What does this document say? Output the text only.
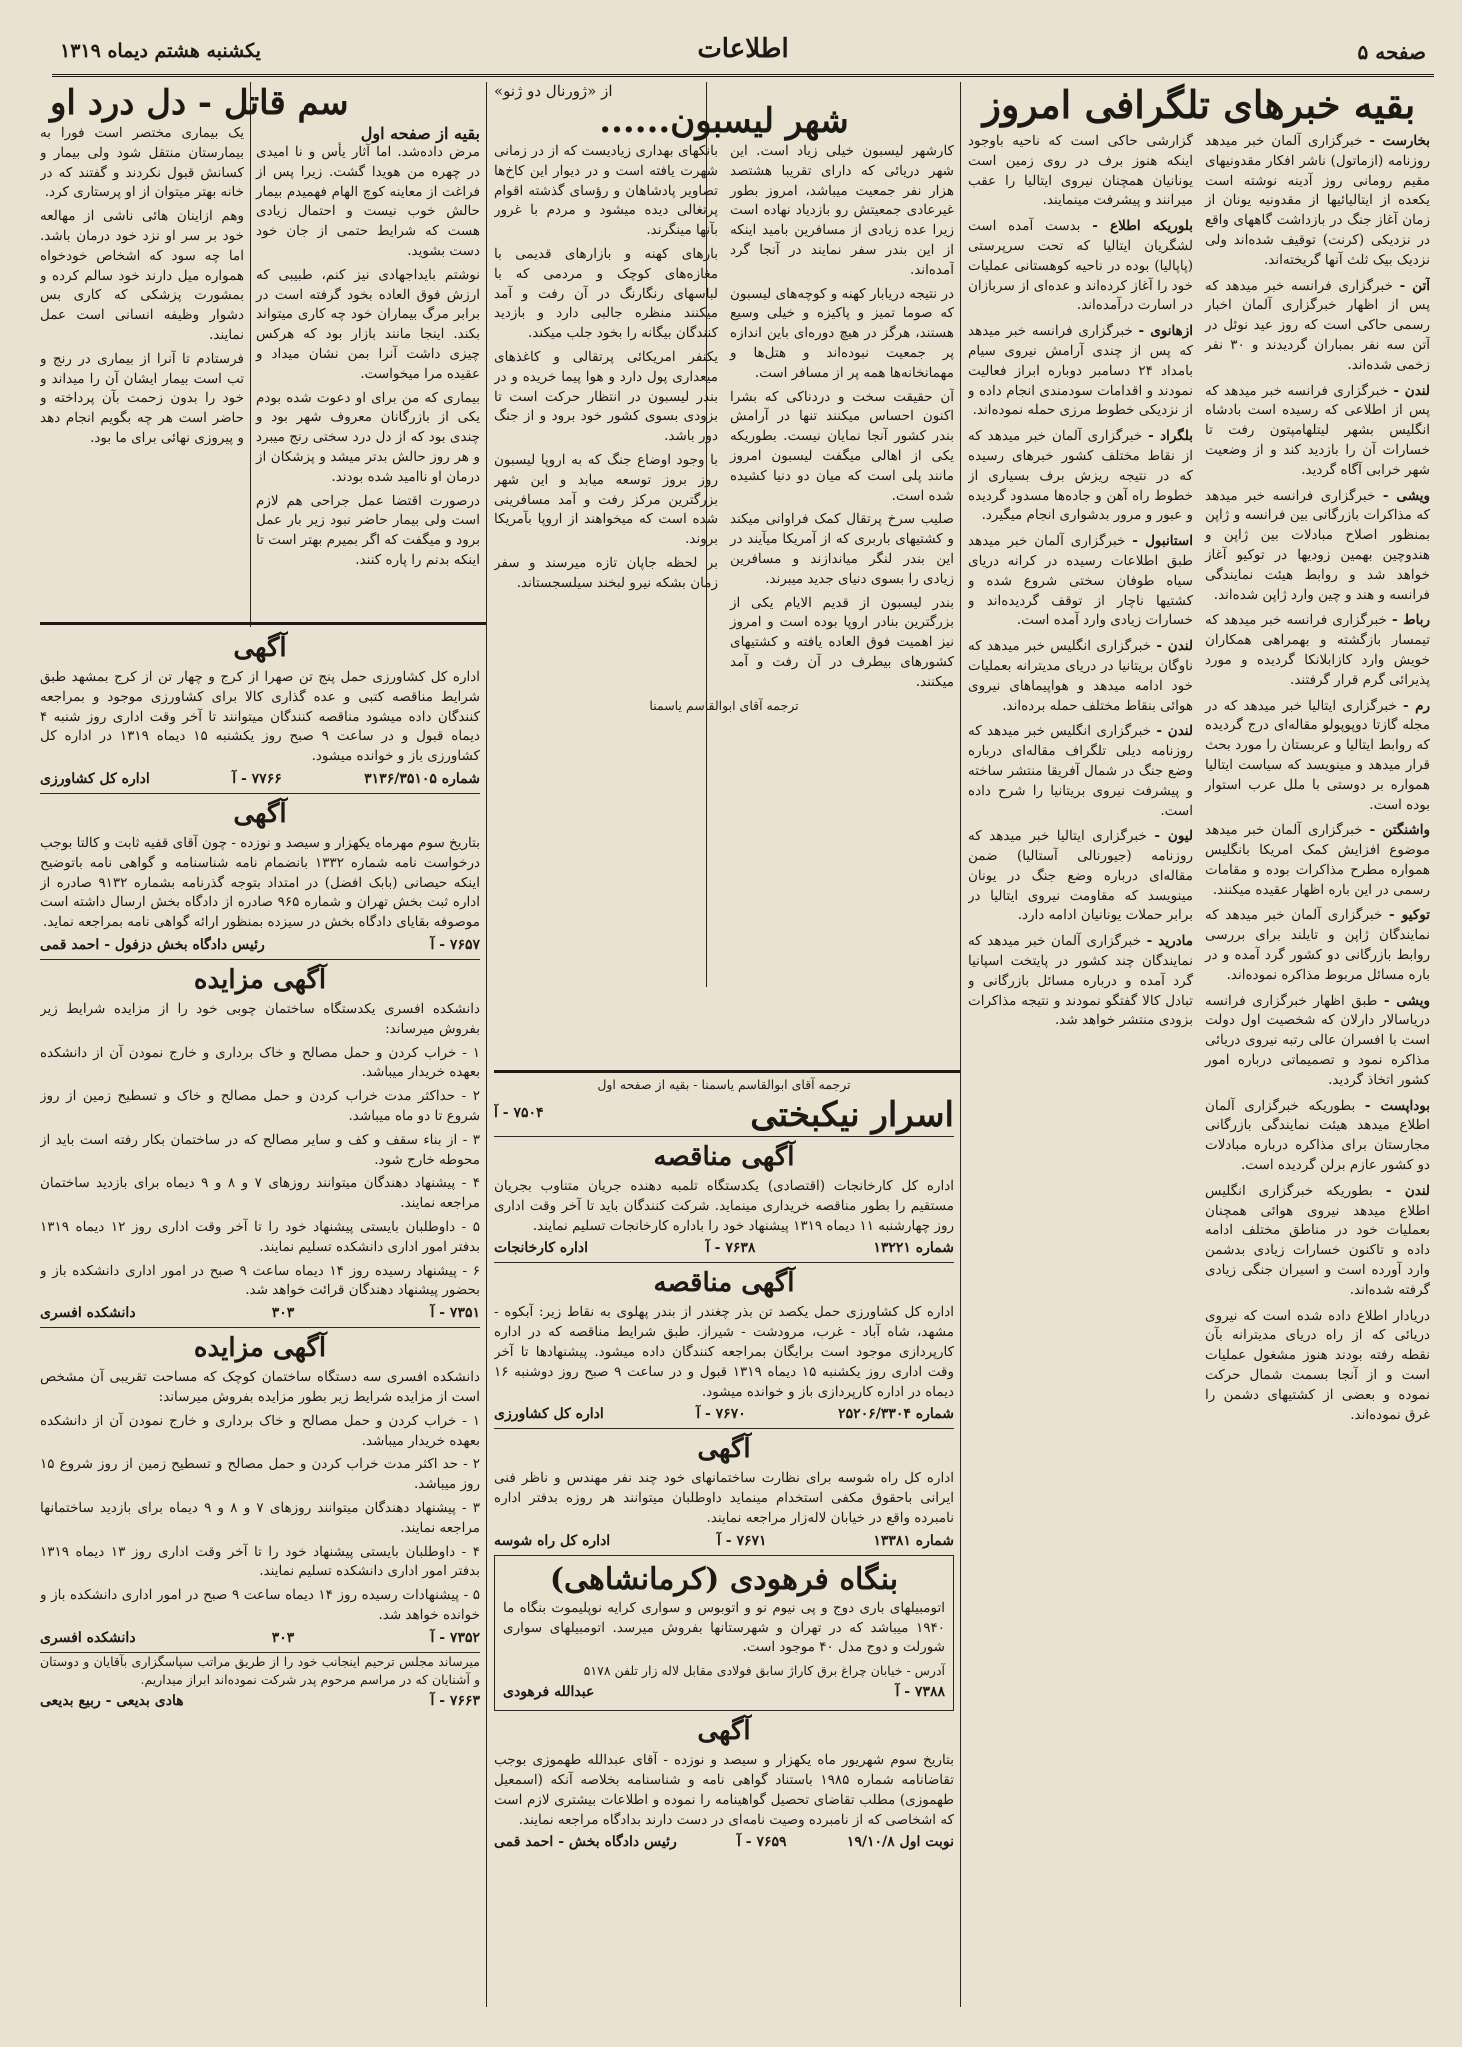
صفحه ۵
اطلاعات
یکشنبه هشتم دیماه ۱۳۱۹
بقیه خبرهای تلگرافی امروز

بخارست - خبرگزاری آلمان خبر میدهد روزنامه (ازماتول) ناشر افکار مقدونیهای مقیم رومانی روز آدینه نوشته است یکعده از ایتالیائیها از مقدونیه یونان از زمان آغاز جنگ در بازداشت گاههای واقع در نزدیکی (کرنت) توقیف شده‌اند ولی نزدیک بیک ثلث آنها گریخته‌اند.

آتن - خبرگزاری فرانسه خبر میدهد که پس از اظهار خبرگزاری آلمان اخبار رسمی حاکی است که روز عید نوئل در آتن سه نفر بمباران گردیدند و ۳۰ نفر زخمی شده‌اند.

لندن - خبرگزاری فرانسه خبر میدهد که پس از اطلاعی که رسیده است بادشاه انگلیس بشهر لیتلهامپتون رفت تا خسارات آن را بازدید کند و از وضعیت شهر خرابی آگاه گردید.

ویشی - خبرگزاری فرانسه خبر میدهد که مذاکرات بازرگانی بین فرانسه و ژاپن بمنظور اصلاح مبادلات بین ژاپن و هندوچین بهمین زودیها در توکیو آغاز خواهد شد و روابط هیئت نمایندگی فرانسه و هند و چین وارد ژاپن شده‌اند.

رباط - خبرگزاری فرانسه خبر میدهد که تیمسار بازگشته و بهمراهی همکاران خویش وارد کازابلانکا گردیده و مورد پذیرائی گرم قرار گرفتند.

رم - خبرگزاری ایتالیا خبر میدهد که در مجله گازتا دوپوپولو مقاله‌ای درج گردیده که روابط ایتالیا و عربستان را مورد بحث قرار میدهد و مینویسد که سیاست ایتالیا همواره بر دوستی با ملل عرب استوار بوده است.

واشنگتن - خبرگزاری آلمان خبر میدهد موضوع افزایش کمک امریکا بانگلیس همواره مطرح مذاکرات بوده و مقامات رسمی در این باره اظهار عقیده میکنند.

توکیو - خبرگزاری آلمان خبر میدهد که نمایندگان ژاپن و تایلند برای بررسی روابط بازرگانی دو کشور گرد آمده و در باره مسائل مربوط مذاکره نموده‌اند.

ویشی - طبق اظهار خبرگزاری فرانسه دریاسالار دارلان که شخصیت اول دولت است با افسران عالی رتبه نیروی دریائی مذاکره نمود و تصمیماتی درباره امور کشور اتخاذ گردید.

بوداپست - بطوریکه خبرگزاری آلمان اطلاع میدهد هیئت نمایندگی بازرگانی مجارستان برای مذاکره درباره مبادلات دو کشور عازم برلن گردیده است.

لندن - بطوریکه خبرگزاری انگلیس اطلاع میدهد نیروی هوائی همچنان بعملیات خود در مناطق مختلف ادامه داده و تاکنون خسارات زیادی بدشمن وارد آورده است و اسیران جنگی زیادی گرفته شده‌اند.

دریادار اطلاع داده شده است که نیروی دریائی که از راه دریای مدیترانه بآن نقطه رفته بودند هنوز مشغول عملیات است و از آنجا بسمت شمال حرکت نموده و بعضی از کشتیهای دشمن را غرق نموده‌اند.

گزارشی حاکی است که ناحیه باوجود اینکه هنوز برف در روی زمین است یونانیان همچنان نیروی ایتالیا را عقب میرانند و پیشرفت مینمایند.

بلوریکه اطلاع - بدست آمده است لشگریان ایتالیا که تحت سرپرستی (پاپالیا) بوده در ناحیه کوهستانی عملیات خود را آغاز کرده‌اند و عده‌ای از سربازان در اسارت درآمده‌اند.

ازهانوی - خبرگزاری فرانسه خبر میدهد که پس از چندی آرامش نیروی سیام بامداد ۲۴ دسامبر دوباره ابراز فعالیت نمودند و اقدامات سودمندی انجام داده و از نزدیکی خطوط مرزی حمله نموده‌اند.

بلگراد - خبرگزاری آلمان خبر میدهد که از نقاط مختلف کشور خبرهای رسیده که در نتیجه ریزش برف بسیاری از خطوط راه آهن و جاده‌ها مسدود گردیده و عبور و مرور بدشواری انجام میگیرد.

استانبول - خبرگزاری آلمان خبر میدهد طبق اطلاعات رسیده در کرانه دریای سیاه طوفان سختی شروع شده و کشتیها ناچار از توقف گردیده‌اند و خسارات زیادی وارد آمده است.

لندن - خبرگزاری انگلیس خبر میدهد که ناوگان بریتانیا در دریای مدیترانه بعملیات خود ادامه میدهد و هواپیماهای نیروی هوائی بنقاط مختلف حمله برده‌اند.

لندن - خبرگزاری انگلیس خبر میدهد که روزنامه دیلی تلگراف مقاله‌ای درباره وضع جنگ در شمال آفریقا منتشر ساخته و پیشرفت نیروی بریتانیا را شرح داده است.

لیون - خبرگزاری ایتالیا خبر میدهد که روزنامه (جیورنالی آستالیا) ضمن مقاله‌ای درباره وضع جنگ در یونان مینویسد که مقاومت نیروی ایتالیا در برابر حملات یونانیان ادامه دارد.

مادرید - خبرگزاری آلمان خبر میدهد که نمایندگان چند کشور در پایتخت اسپانیا گرد آمده و درباره مسائل بازرگانی و تبادل کالا گفتگو نمودند و نتیجه مذاکرات بزودی منتشر خواهد شد.

از «ژورنال دو ژنو»
شهر لیسبون......

کارشهر لیسبون خیلی زیاد است. این شهر دریائی که دارای تقریبا هشتصد هزار نفر جمعیت میباشد، امروز بطور غیرعادی جمعیتش رو بازدیاد نهاده است زیرا عده زیادی از مسافرین بامید اینکه از این بندر سفر نمایند در آنجا گرد آمده‌اند.

در نتیجه دریابار کهنه و کوچه‌های لیسبون که صوما تمیز و پاکیزه و خیلی وسیع هستند، هرگز در هیچ دوره‌ای باین اندازه پر جمعیت نبوده‌اند و هتل‌ها و مهمانخانه‌ها همه پر از مسافر است.

آن حقیقت سخت و دردناکی که بشرا اکنون احساس میکنند تنها در آرامش بندر کشور آنجا نمایان نیست. بطوریکه یکی از اهالی میگفت لیسبون امروز مانند پلی است که میان دو دنیا کشیده شده است.

صلیب سرخ پرتقال کمک فراوانی میکند و کشتیهای باربری که از آمریکا میآیند در این بندر لنگر میاندازند و مسافرین زیادی را بسوی دنیای جدید میبرند.

بندر لیسبون از قدیم الایام یکی از بزرگترین بنادر اروپا بوده است و امروز نیز اهمیت فوق العاده یافته و کشتیهای کشورهای بیطرف در آن رفت و آمد میکنند.

بانکهای بهداری زیادیست که از در زمانی شهرت یافته است و در دیوار این کاخ‌ها تصاویر پادشاهان و رؤسای گذشته اقوام پرتغالی دیده میشود و مردم با غرور بآنها مینگرند.

بارهای کهنه و بازارهای قدیمی با مغازه‌های کوچک و مردمی که با لباسهای رنگارنگ در آن رفت و آمد میکنند منظره جالبی دارد و بازدید کنندگان بیگانه را بخود جلب میکند.

یکنفر امریکائی پرتقالی و کاغذهای میعداری پول دارد و هوا پیما خریده و در بندر لیسبون در انتظار حرکت است تا بزودی بسوی کشور خود برود و از جنگ دور باشد.

با وجود اوضاع جنگ که به اروپا لیسبون روز بروز توسعه میابد و این شهر بزرگترین مرکز رفت و آمد مسافرینی شده است که میخواهند از اروپا بآمریکا بروند.

بر لحظه جاپان تازه میرسند و سفر زمان بشکه نیرو لبخند سیلسجستاند.

ترجمه آقای ابوالقاسم یاسمنا

سم قاتل - دل درد او
بقیه از صفحه اول

مرض داده‌شد. اما آثار یأس و نا امیدی در چهره من هویدا گشت. زیرا پس از فراغت از معاینه کوچ الهام فهمیدم بیمار حالش خوب نیست و احتمال زیادی هست که شرایط حتمی از جان خود دست بشوید.

نوشتم بایداجهادی نیز کنم، طبیبی که ارزش فوق العاده بخود گرفته است در برابر مرگ بیماران خود چه کاری میتواند بکند. اینجا مانند بازار بود که هرکس چیزی داشت آنرا بمن نشان میداد و عقیده مرا میخواست.

بیماری که من برای او دعوت شده بودم یکی از بازرگانان معروف شهر بود و چندی بود که از دل درد سختی رنج میبرد و هر روز حالش بدتر میشد و پزشکان از درمان او ناامید شده بودند.

درصورت اقتضا عمل جراحی هم لازم است ولی بیمار حاضر نبود زیر بار عمل برود و میگفت که اگر بمیرم بهتر است تا اینکه بدنم را پاره کنند.

یک بیماری مختصر است فورا به بیمارستان منتقل شود ولی بیمار و کسانش قبول نکردند و گفتند که در خانه بهتر میتوان از او پرستاری کرد.

وهم ازاینان هائی ناشی از مهالعه خود بر سر او نزد خود درمان باشد. اما چه سود که اشخاص خودخواه همواره میل دارند خود سالم کرده و بمشورت پزشکی که کاری بس دشوار وظیفه انسانی است عمل نمایند.

فرستادم تا آنرا از بیماری در رنج و تب است بیمار ایشان آن را میداند و خود را بدون زحمت بآن پرداخته و حاضر است هر چه بگویم انجام دهد و پیروزی نهائی برای ما بود.

آگهی

اداره کل کشاورزی حمل پنج تن صهرا از کرج و چهار تن از کرج بمشهد طبق شرایط مناقصه کتبی و عده گذاری کالا برای کشاورزی موجود و بمراجعه کنندگان داده میشود مناقصه کنندگان میتوانند تا آخر وقت اداری روز شنبه ۴ دیماه قبول و در ساعت ۹ صبح روز یکشنبه ۱۵ دیماه ۱۳۱۹ در اداره کل کشاورزی باز و خوانده میشود.

شماره ۳۱۳۶/۳۵۱۰۵
۷۷۶۶ - آ
اداره کل کشاورزی
آگهی

بتاریخ سوم مهرماه یکهزار و سیصد و نوزده - چون آقای قفیه ثابت و کالتا بوجب درخواست نامه شماره ۱۳۳۲ بانضمام نامه شناسنامه و گواهی نامه باتوضیح اینکه حیصانی (بابک افضل) در امتداد بتوجه گذرنامه بشماره ۹۱۳۲ صادره از اداره ثبت بخش تهران و شماره ۹۶۵ صادره از دادگاه بخش ارسال داشته است موصوفه بقایای دادگاه بخش در سیزده بمنظور ارائه گواهی نامه بمراجعه نماید.

۷۶۵۷ - آ
رئیس دادگاه بخش دزفول - احمد قمی
آگهی مزایده

دانشکده افسری یکدستگاه ساختمان چوبی خود را از مزایده شرایط زیر بفروش میرساند:

۱ - خراب کردن و حمل مصالح و خاک برداری و خارج نمودن آن از دانشکده بعهده خریدار میباشد.

۲ - حداکثر مدت خراب کردن و حمل مصالح و خاک و تسطیح زمین از روز شروع تا دو ماه میباشد.

۳ - از بناء سقف و کف و سایر مصالح که در ساختمان بکار رفته است باید از محوطه خارج شود.

۴ - پیشنهاد دهندگان میتوانند روزهای ۷ و ۸ و ۹ دیماه برای بازدید ساختمان مراجعه نمایند.

۵ - داوطلبان بایستی پیشنهاد خود را تا آخر وقت اداری روز ۱۲ دیماه ۱۳۱۹ بدفتر امور اداری دانشکده تسلیم نمایند.

۶ - پیشنهاد رسیده روز ۱۴ دیماه ساعت ۹ صبح در امور اداری دانشکده باز و بحضور پیشنهاد دهندگان قرائت خواهد شد.

۷۳۵۱ - آ
۳۰۳
دانشکده افسری
آگهی مزایده

دانشکده افسری سه دستگاه ساختمان کوچک که مساحت تقریبی آن مشخص است از مزایده شرایط زیر بطور مزایده بفروش میرساند:

۱ - خراب کردن و حمل مصالح و خاک برداری و خارج نمودن آن از دانشکده بعهده خریدار میباشد.

۲ - حد اکثر مدت خراب کردن و حمل مصالح و تسطیح زمین از روز شروع ۱۵ روز میباشد.

۳ - پیشنهاد دهندگان میتوانند روزهای ۷ و ۸ و ۹ دیماه برای بازدید ساختمانها مراجعه نمایند.

۴ - داوطلبان بایستی پیشنهاد خود را تا آخر وقت اداری روز ۱۳ دیماه ۱۳۱۹ بدفتر امور اداری دانشکده تسلیم نمایند.

۵ - پیشنهادات رسیده روز ۱۴ دیماه ساعت ۹ صبح در امور اداری دانشکده باز و خوانده خواهد شد.

۷۳۵۲ - آ
۳۰۳
دانشکده افسری

میرساند مجلس ترحیم اینجانب خود را از طریق مراتب سپاسگزاری بآقایان و دوستان و آشنایان که در مراسم مرحوم پدر شرکت نموده‌اند ابراز میداریم.

۷۶۶۳ - آ
هادی بدیعی - ربیع بدیعی
ترجمه آقای ابوالقاسم یاسمنا - بقیه از صفحه اول
اسرار نیکبختی
۷۵۰۴ - آ
آگهی مناقصه

اداره کل کارخانجات (اقتصادی) یکدستگاه تلمبه دهنده جریان متناوب بجریان مستقیم را بطور مناقصه خریداری مینماید. شرکت کنندگان باید تا آخر وقت اداری روز چهارشنبه ۱۱ دیماه ۱۳۱۹ پیشنهاد خود را باداره کارخانجات تسلیم نمایند.

شماره ۱۳۲۲۱
۷۶۳۸ - آ
اداره کارخانجات
آگهی مناقصه

اداره کل کشاورزی حمل یکصد تن بذر چغندر از بندر پهلوی به نقاط زیر: آبکوه - مشهد، شاه آباد - غرب، مرودشت - شیراز. طبق شرایط مناقصه که در اداره کارپردازی موجود است برایگان بمراجعه کنندگان داده میشود. پیشنهادها تا آخر وقت اداری روز یکشنبه ۱۵ دیماه ۱۳۱۹ قبول و در ساعت ۹ صبح روز دوشنبه ۱۶ دیماه در اداره کارپردازی باز و خوانده میشود.

شماره ۲۵۲۰۶/۳۳۰۴
۷۶۷۰ - آ
اداره کل کشاورزی
آگهی

اداره کل راه شوسه برای نظارت ساختمانهای خود چند نفر مهندس و ناظر فنی ایرانی باحقوق مکفی استخدام مینماید داوطلبان میتوانند هر روزه بدفتر اداره نامبرده واقع در خیابان لاله‌زار مراجعه نمایند.

شماره ۱۳۳۸۱
۷۶۷۱ - آ
اداره کل راه شوسه
بنگاه فرهودی (کرمانشاهی)

اتومبیلهای باری دوج و پی نیوم نو و اتوبوس و سواری کرایه نوپلیموت بنگاه ما ۱۹۴۰ میباشد که در تهران و شهرستانها بفروش میرسد. اتومبیلهای سواری شورلت و دوج مدل ۴۰ موجود است.

آدرس - خیابان چراغ برق کاراژ سابق فولادی مقابل لاله زار تلفن ۵۱۷۸

۷۳۸۸ - آ
عبدالله فرهودی
آگهی

بتاریخ سوم شهریور ماه یکهزار و سیصد و نوزده - آقای عبدالله طهموزی بوجب تقاضانامه شماره ۱۹۸۵ باستناد گواهی نامه و شناسنامه بخلاصه آنکه (اسمعیل طهموزی) مطلب تقاضای تحصیل گواهینامه را نموده و اطلاعات بیشتری لازم است که اشخاصی که از نامبرده وصیت نامه‌ای در دست دارند بدادگاه مراجعه نمایند.

نوبت اول ۱۹/۱۰/۸
۷۶۵۹ - آ
رئیس دادگاه بخش - احمد قمی
